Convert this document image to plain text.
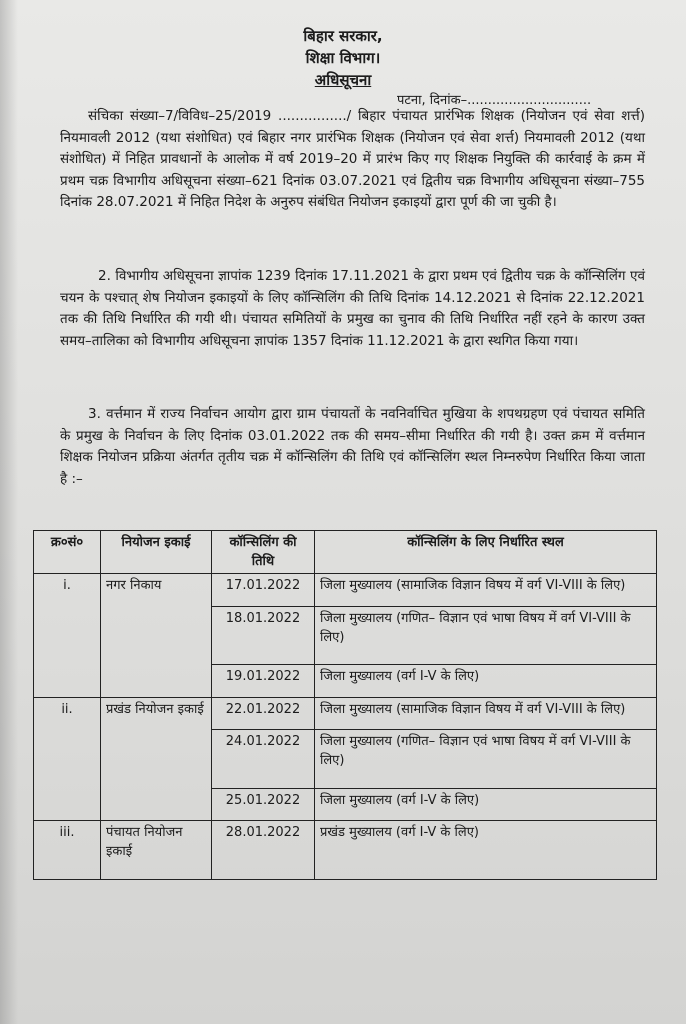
बिहार सरकार,
शिक्षा विभाग।
अधिसूचना
पटना, दिनांक–..............................
संचिका संख्या–7/विविध–25/2019 ................/ बिहार पंचायत प्रारंभिक शिक्षक (नियोजन एवं सेवा शर्त्त) नियमावली 2012 (यथा संशोधित) एवं बिहार नगर प्रारंभिक शिक्षक (नियोजन एवं सेवा शर्त्त) नियमावली 2012 (यथा संशोधित) में निहित प्रावधानों के आलोक में वर्ष 2019–20 में प्रारंभ किए गए शिक्षक नियुक्ति की कार्रवाई के क्रम में प्रथम चक्र विभागीय अधिसूचना संख्या–621 दिनांक 03.07.2021 एवं द्वितीय चक्र विभागीय अधिसूचना संख्या–755 दिनांक 28.07.2021 में निहित निदेश के अनुरुप संबंधित नियोजन इकाइयों द्वारा पूर्ण की जा चुकी है।
2. विभागीय अधिसूचना ज्ञापांक 1239 दिनांक 17.11.2021 के द्वारा प्रथम एवं द्वितीय चक्र के कॉन्सिलिंग एवं चयन के पश्चात् शेष नियोजन इकाइयों के लिए कॉन्सिलिंग की तिथि दिनांक 14.12.2021 से दिनांक 22.12.2021 तक की तिथि निर्धारित की गयी थी। पंचायत समितियों के प्रमुख का चुनाव की तिथि निर्धारित नहीं रहने के कारण उक्त समय–तालिका को विभागीय अधिसूचना ज्ञापांक 1357 दिनांक 11.12.2021 के द्वारा स्थगित किया गया।
3. वर्त्तमान में राज्य निर्वाचन आयोग द्वारा ग्राम पंचायतों के नवनिर्वाचित मुखिया के शपथग्रहण एवं पंचायत समिति के प्रमुख के निर्वाचन के लिए दिनांक 03.01.2022 तक की समय–सीमा निर्धारित की गयी है। उक्त क्रम में वर्त्तमान शिक्षक नियोजन प्रक्रिया अंतर्गत तृतीय चक्र में कॉन्सिलिंग की तिथि एवं कॉन्सिलिंग स्थल निम्नरुपेण निर्धारित किया जाता है :–
क्र०सं०	नियोजन इकाई	कॉन्सिलिंग की तिथि	कॉन्सिलिंग के लिए निर्धारित स्थल
i.	नगर निकाय	17.01.2022	जिला मुख्यालय (सामाजिक विज्ञान विषय में वर्ग VI-VIII के लिए)
		18.01.2022	जिला मुख्यालय (गणित– विज्ञान एवं भाषा विषय में वर्ग VI-VIII के लिए)
		19.01.2022	जिला मुख्यालय (वर्ग I-V के लिए)
ii.	प्रखंड नियोजन इकाई	22.01.2022	जिला मुख्यालय (सामाजिक विज्ञान विषय में वर्ग VI-VIII के लिए)
		24.01.2022	जिला मुख्यालय (गणित– विज्ञान एवं भाषा विषय में वर्ग VI-VIII के लिए)
		25.01.2022	जिला मुख्यालय (वर्ग I-V के लिए)
iii.	पंचायत नियोजन इकाई	28.01.2022	प्रखंड मुख्यालय (वर्ग I-V के लिए)
